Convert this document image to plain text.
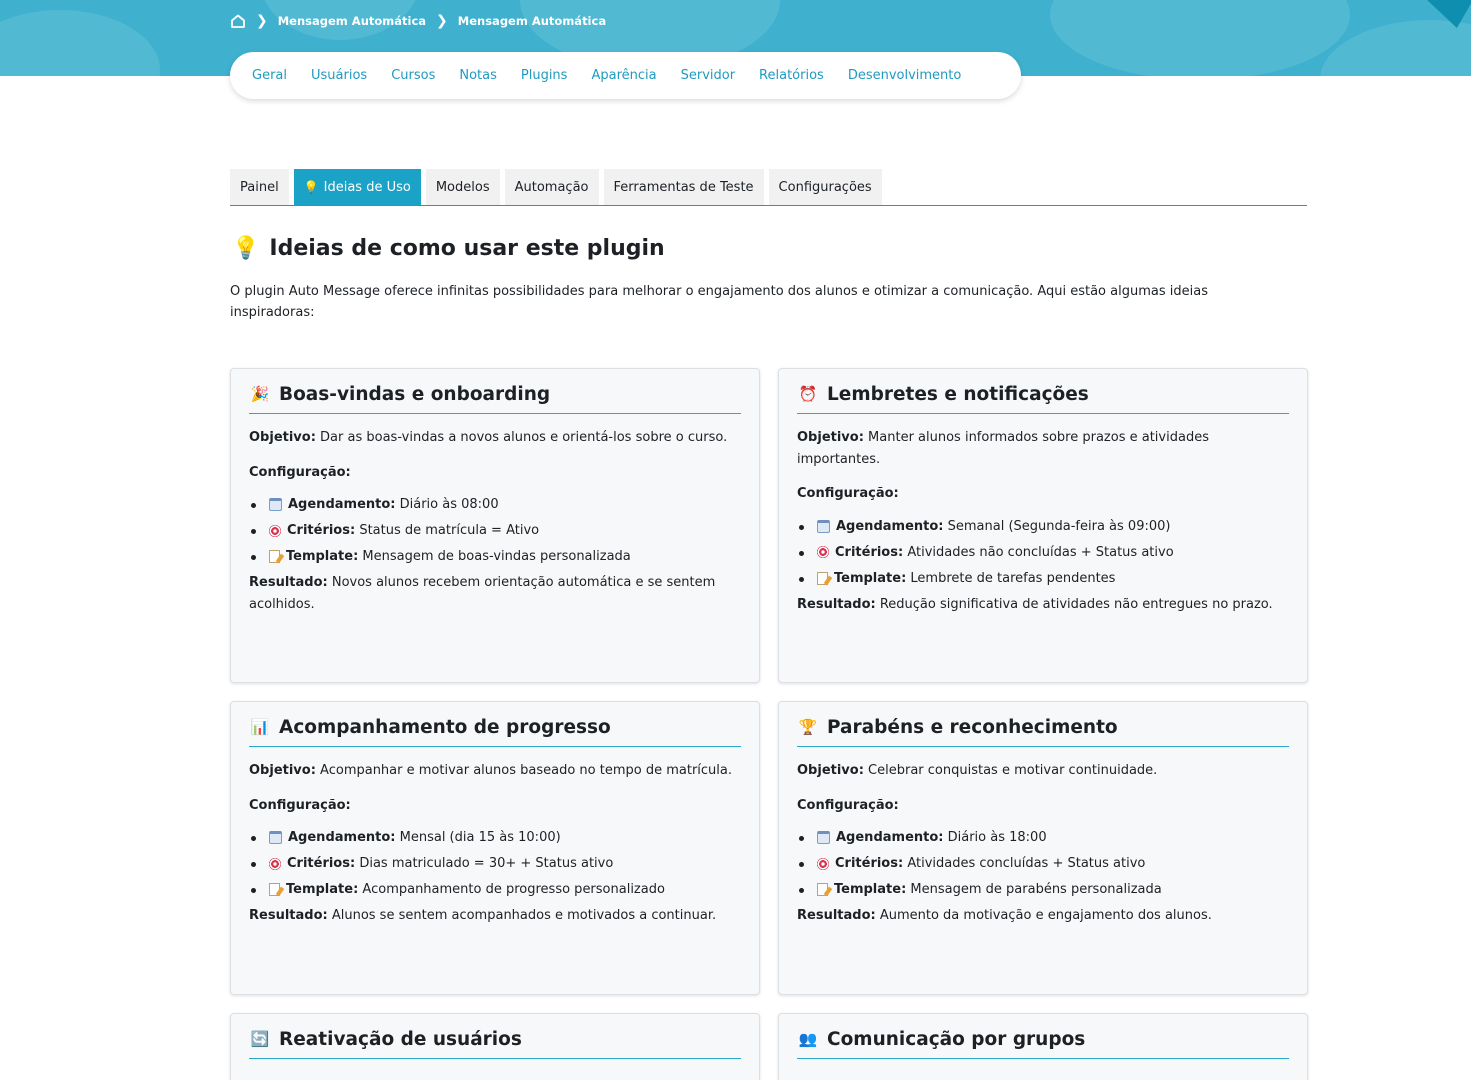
❯ Mensagem Automática ❯ Mensagem Automática
Geral Usuários Cursos Notas Plugins Aparência Servidor Relatórios Desenvolvimento
Painel 💡 Ideias de Uso Modelos Automação Ferramentas de Teste Configurações
💡 Ideias de como usar este plugin

O plugin Auto Message oferece infinitas possibilidades para melhorar o engajamento dos alunos e otimizar a comunicação. Aqui estão algumas ideias inspiradoras:

🎉 Boas-vindas e onboarding

Objetivo: Dar as boas-vindas a novos alunos e orientá-los sobre o curso.

Configuração:

Agendamento:
Diário às 08:00
Critérios:
Status de matrícula = Ativo
Template:
Mensagem de boas-vindas personalizada

Resultado: Novos alunos recebem orientação automática e se sentem acolhidos.

⏰ Lembretes e notificações

Objetivo: Manter alunos informados sobre prazos e atividades importantes.

Configuração:

Agendamento:
Semanal (Segunda-feira às 09:00)
Critérios:
Atividades não concluídas + Status ativo
Template:
Lembrete de tarefas pendentes

Resultado: Redução significativa de atividades não entregues no prazo.

📊 Acompanhamento de progresso

Objetivo: Acompanhar e motivar alunos baseado no tempo de matrícula.

Configuração:

Agendamento:
Mensal (dia 15 às 10:00)
Critérios:
Dias matriculado = 30+ + Status ativo
Template:
Acompanhamento de progresso personalizado

Resultado: Alunos se sentem acompanhados e motivados a continuar.

🏆 Parabéns e reconhecimento

Objetivo: Celebrar conquistas e motivar continuidade.

Configuração:

Agendamento:
Diário às 18:00
Critérios:
Atividades concluídas + Status ativo
Template:
Mensagem de parabéns personalizada

Resultado: Aumento da motivação e engajamento dos alunos.

🔄 Reativação de usuários	👥 Comunicação por grupos
